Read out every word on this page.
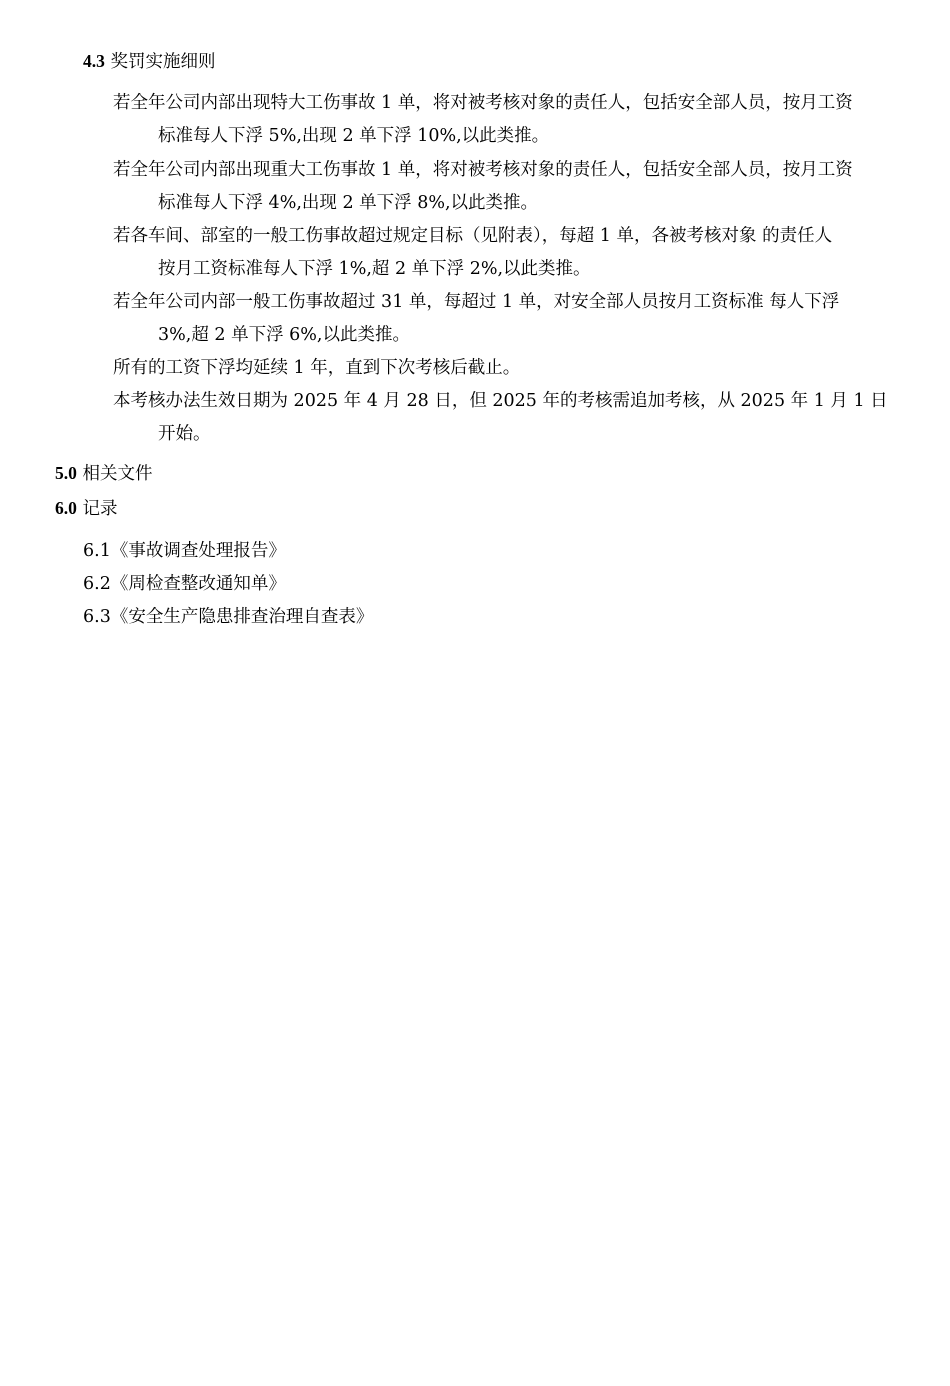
4.3 奖罚实施细则
若全年公司内部出现特大工伤事故 1 单，将对被考核对象的责任人，包括安全部人员，按月工资
标准每人下浮 5%,出现 2 单下浮 10%,以此类推。
若全年公司内部出现重大工伤事故 1 单，将对被考核对象的责任人，包括安全部人员，按月工资
标准每人下浮 4%,出现 2 单下浮 8%,以此类推。
若各车间、部室的一般工伤事故超过规定目标（见附表），每超 1 单，各被考核对象 的责任人
按月工资标准每人下浮 1%,超 2 单下浮 2%,以此类推。
若全年公司内部一般工伤事故超过 31 单，每超过 1 单，对安全部人员按月工资标准 每人下浮
3%,超 2 单下浮 6%,以此类推。
所有的工资下浮均延续 1 年，直到下次考核后截止。
本考核办法生效日期为 2025 年 4 月 28 日，但 2025 年的考核需追加考核，从 2025 年 1 月 1 日
开始。
5.0 相关文件
6.0 记录
6.1《事故调查处理报告》
6.2《周检查整改通知单》
6.3《安全生产隐患排查治理自查表》
